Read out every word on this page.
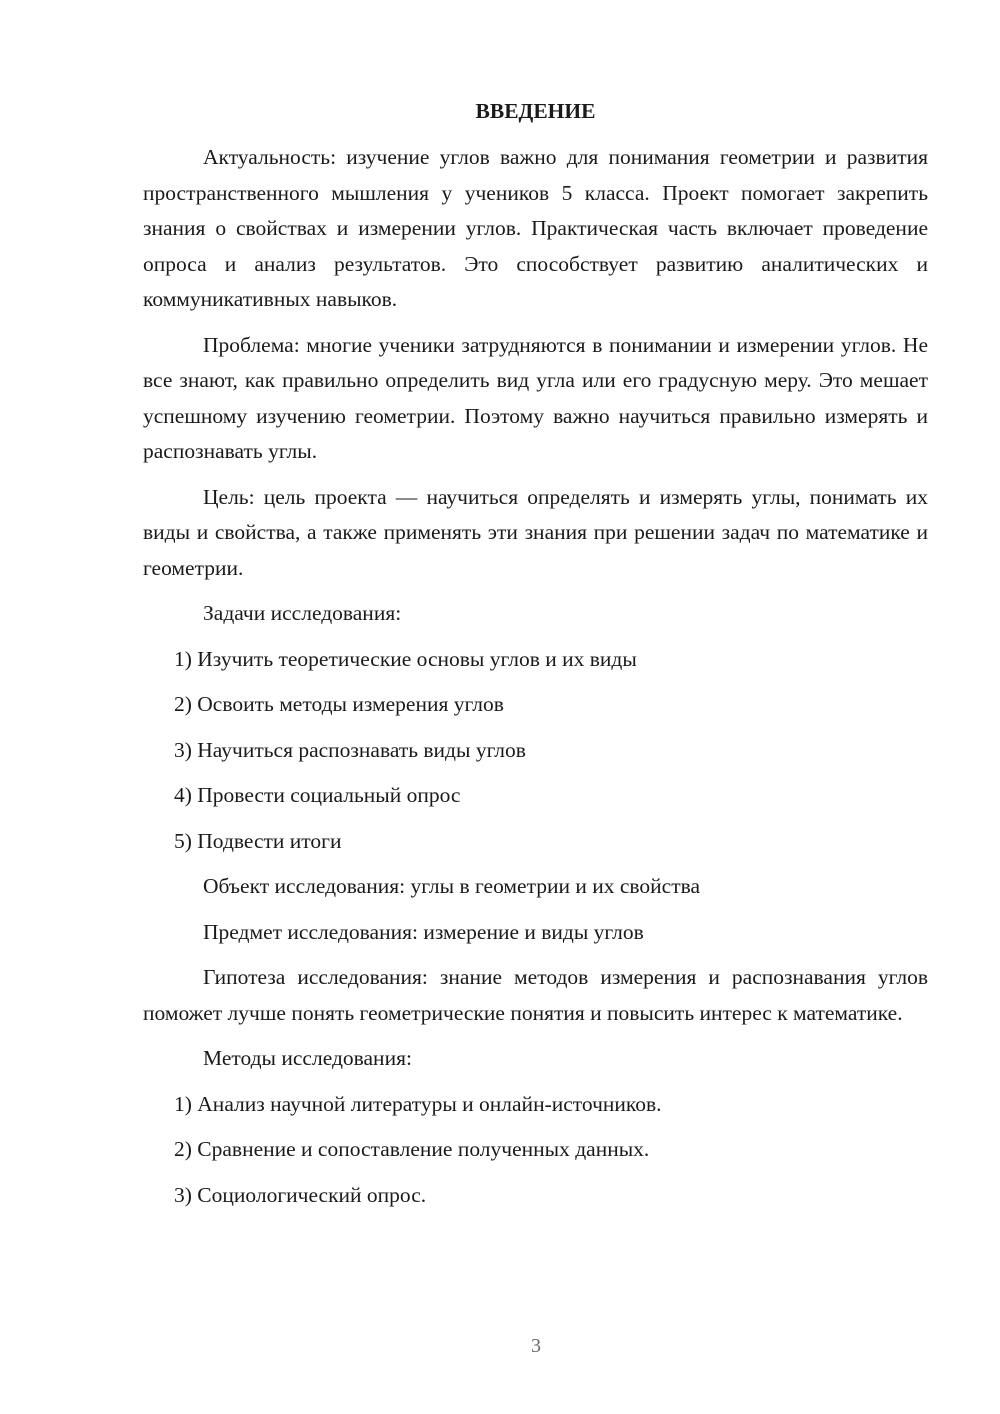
ВВЕДЕНИЕ
Актуальность: изучение углов важно для понимания геометрии и развития пространственного мышления у учеников 5 класса. Проект помогает закрепить знания о свойствах и измерении углов. Практическая часть включает проведение опроса и анализ результатов. Это способствует развитию аналитических и коммуникативных навыков.
Проблема: многие ученики затрудняются в понимании и измерении углов. Не все знают, как правильно определить вид угла или его градусную меру. Это мешает успешному изучению геометрии. Поэтому важно научиться правильно измерять и распознавать углы.
Цель: цель проекта — научиться определять и измерять углы, понимать их виды и свойства, а также применять эти знания при решении задач по математике и геометрии.
Задачи исследования:
1) Изучить теоретические основы углов и их виды
2) Освоить методы измерения углов
3) Научиться распознавать виды углов
4) Провести социальный опрос
5) Подвести итоги
Объект исследования: углы в геометрии и их свойства
Предмет исследования: измерение и виды углов
Гипотеза исследования: знание методов измерения и распознавания углов поможет лучше понять геометрические понятия и повысить интерес к математике.
Методы исследования:
1) Анализ научной литературы и онлайн-источников.
2) Сравнение и сопоставление полученных данных.
3) Социологический опрос.
3
